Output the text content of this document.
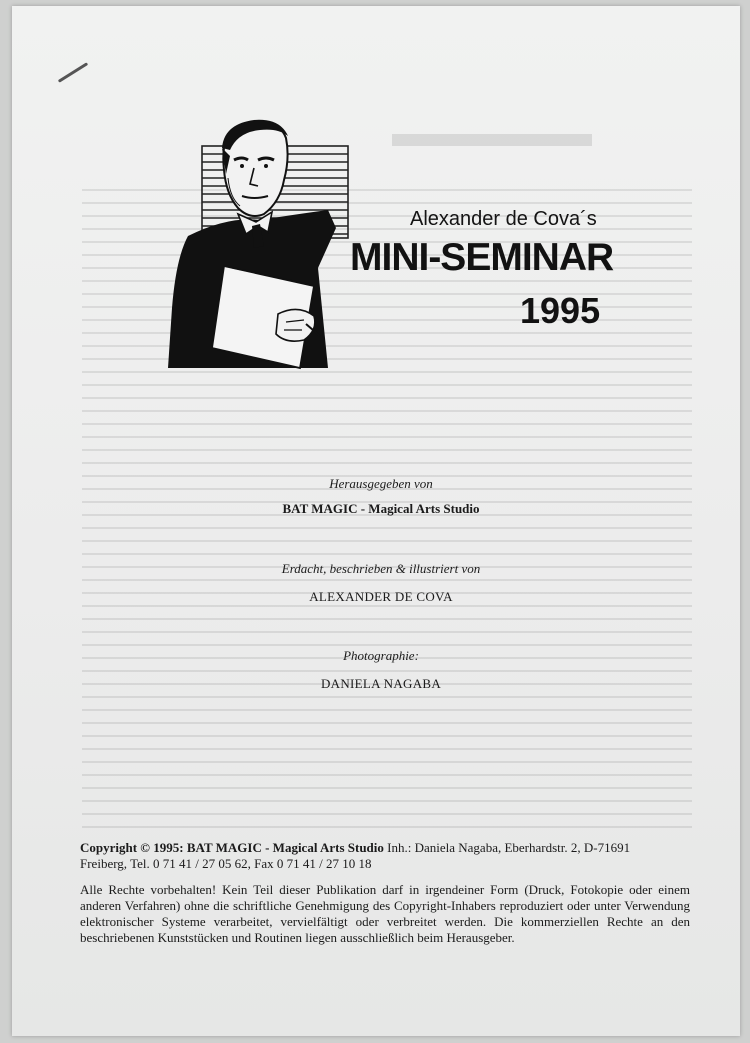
Alexander de Cova´s
MINI-SEMINAR
1995
Herausgegeben von
BAT MAGIC - Magical Arts Studio
Erdacht, beschrieben & illustriert von
ALEXANDER DE COVA
Photographie:
DANIELA NAGABA
Copyright © 1995: BAT MAGIC - Magical Arts Studio Inh.: Daniela Nagaba, Eberhardstr. 2, D-71691
Freiberg, Tel. 0 71 41 / 27 05 62, Fax 0 71 41 / 27 10 18
Alle Rechte vorbehalten! Kein Teil dieser Publikation darf in irgendeiner Form (Druck, Fotokopie oder einem anderen Verfahren) ohne die schriftliche Genehmigung des Copyright-Inhabers reproduziert oder unter Verwendung elektronischer Systeme verarbeitet, vervielfältigt oder verbreitet werden. Die kommerziellen Rechte an den beschriebenen Kunststücken und Routinen liegen ausschließlich beim Herausgeber.
